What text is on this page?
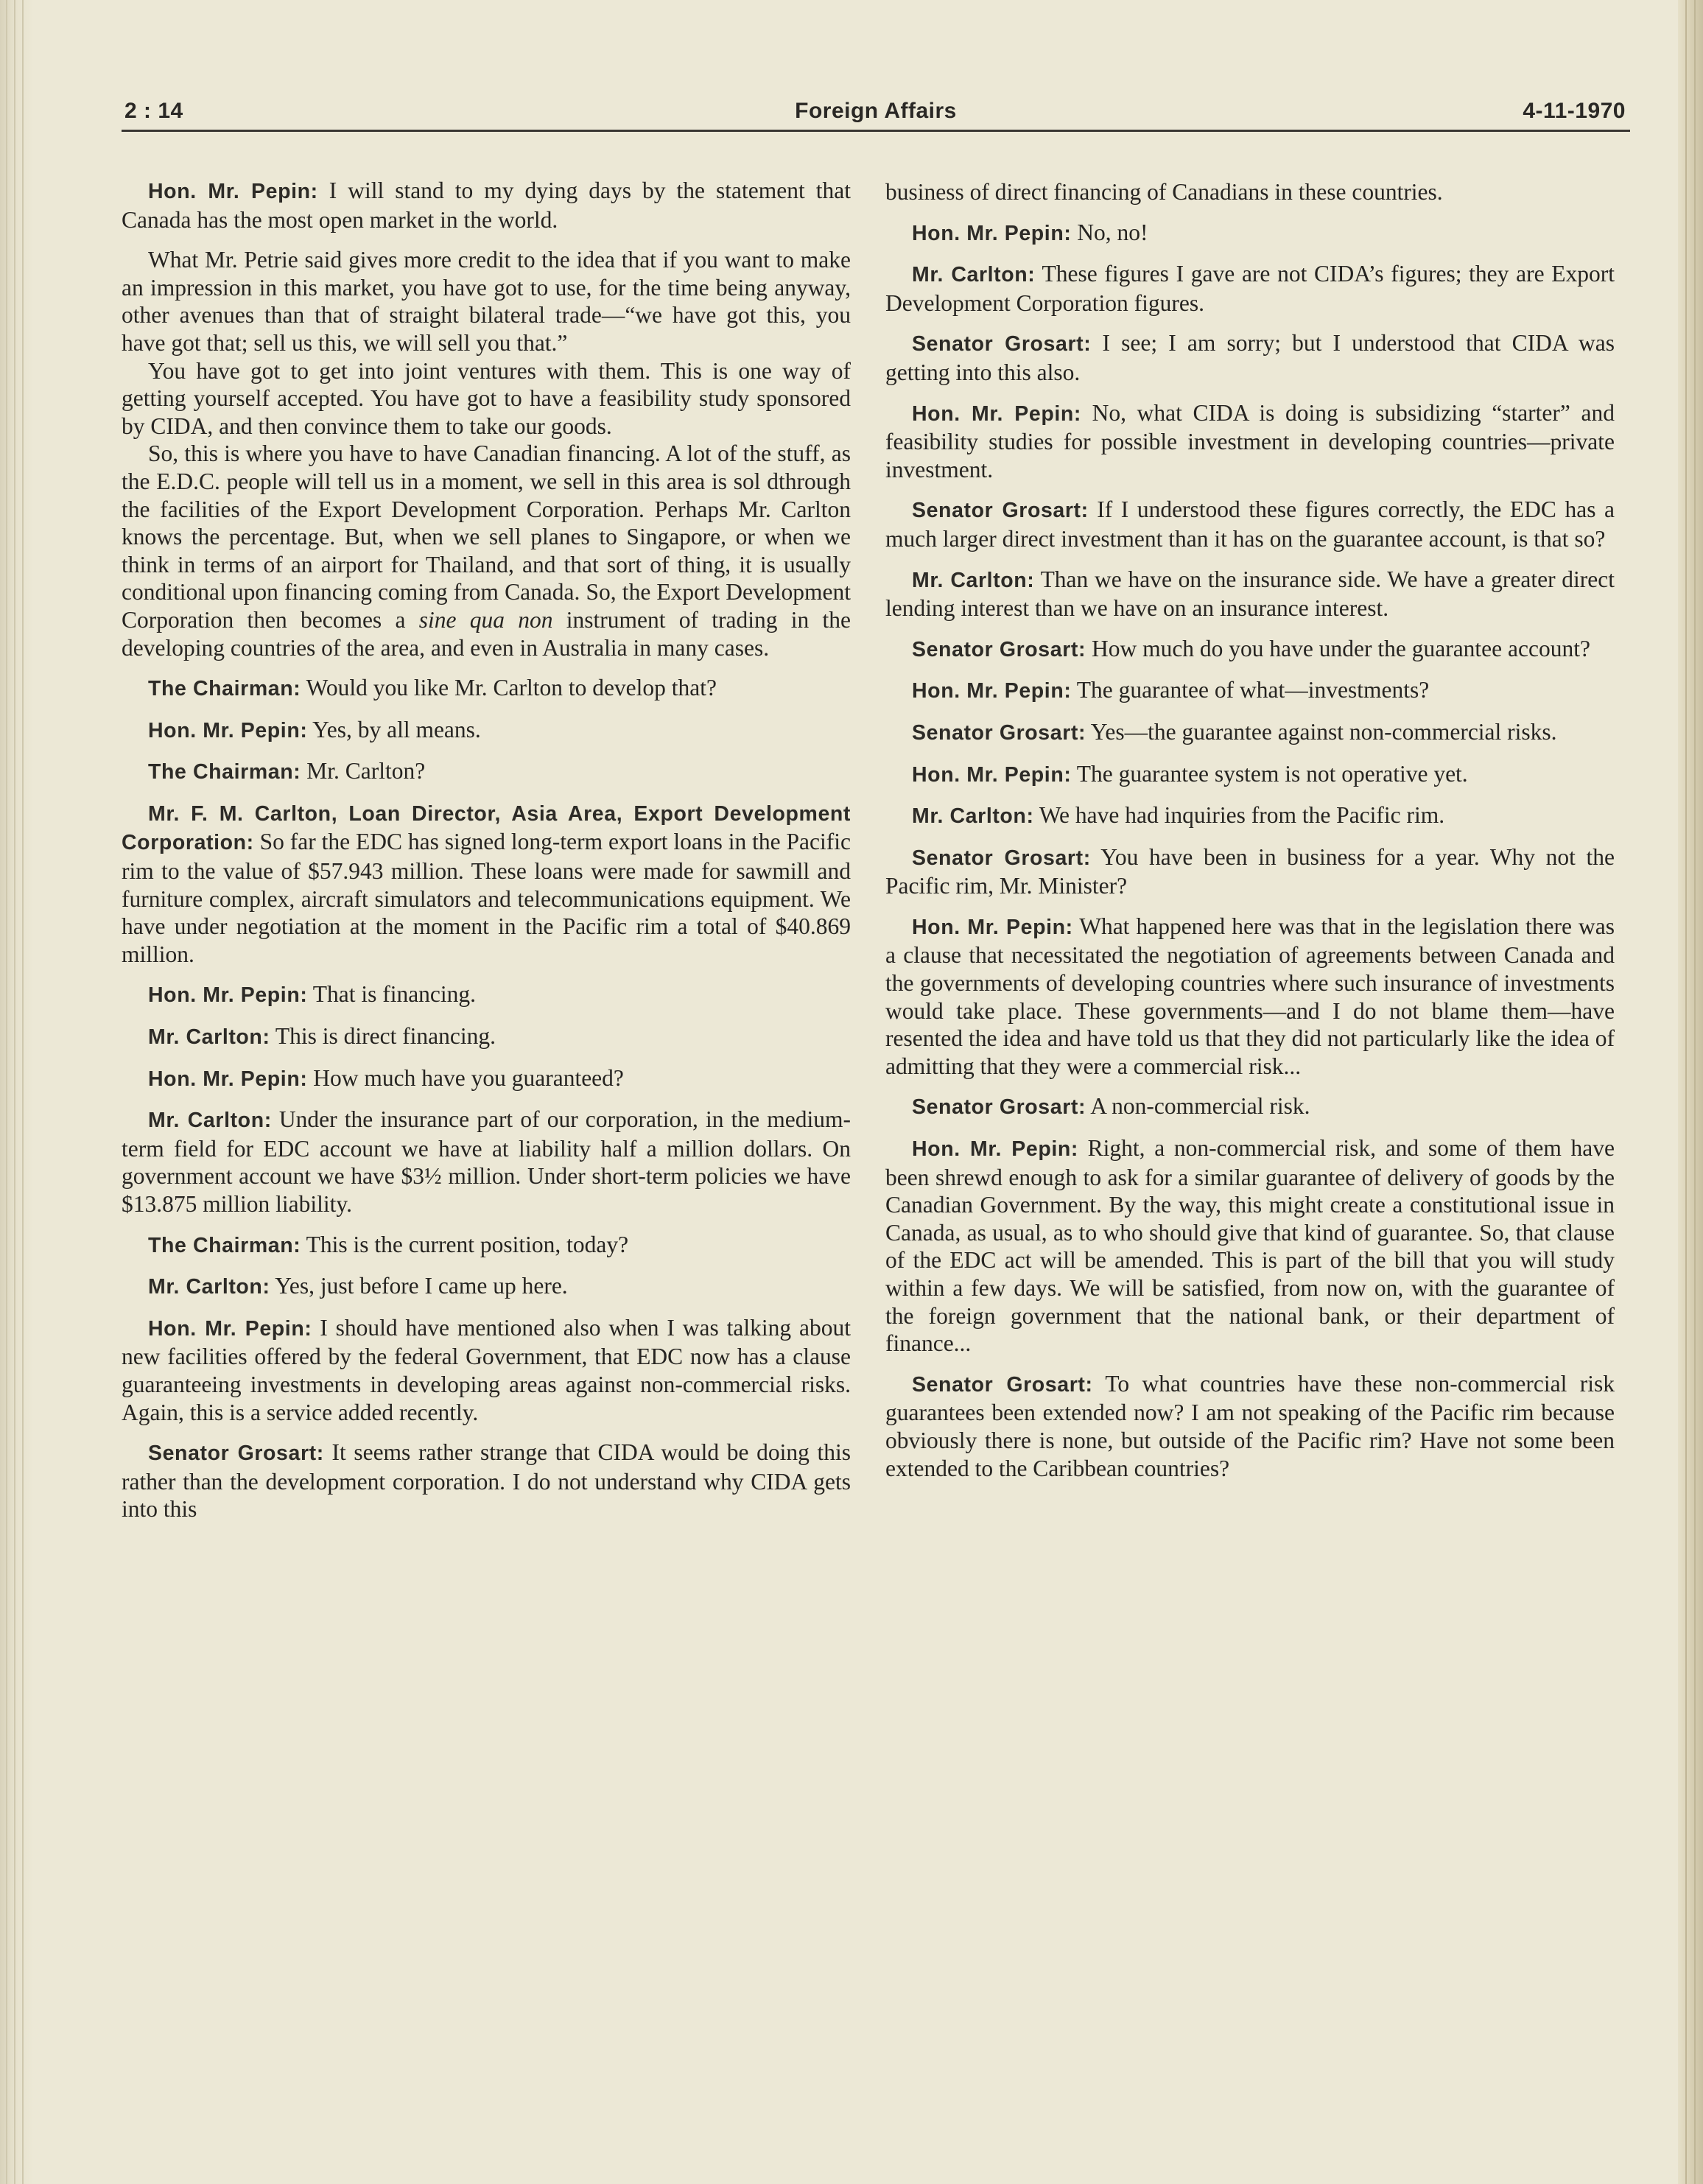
2 : 14	Foreign Affairs	4-11-1970

Hon. Mr. Pepin: I will stand to my dying days by the statement that Canada has the most open market in the world.

What Mr. Petrie said gives more credit to the idea that if you want to make an impression in this market, you have got to use, for the time being anyway, other avenues than that of straight bilateral trade—“we have got this, you have got that; sell us this, we will sell you that.”

You have got to get into joint ventures with them. This is one way of getting yourself accepted. You have got to have a feasibility study sponsored by CIDA, and then convince them to take our goods.

So, this is where you have to have Canadian financing. A lot of the stuff, as the E.D.C. people will tell us in a moment, we sell in this area is sol dthrough the facilities of the Export Development Corporation. Perhaps Mr. Carlton knows the percentage. But, when we sell planes to Singapore, or when we think in terms of an airport for Thailand, and that sort of thing, it is usually conditional upon financing coming from Canada. So, the Export Development Corporation then becomes a sine qua non instrument of trading in the developing countries of the area, and even in Australia in many cases.

The Chairman: Would you like Mr. Carlton to develop that?

Hon. Mr. Pepin: Yes, by all means.

The Chairman: Mr. Carlton?

Mr. F. M. Carlton, Loan Director, Asia Area, Export Development Corporation: So far the EDC has signed long-term export loans in the Pacific rim to the value of $57.943 million. These loans were made for sawmill and furniture complex, aircraft simulators and telecommunications equipment. We have under negotiation at the moment in the Pacific rim a total of $40.869 million.

Hon. Mr. Pepin: That is financing.

Mr. Carlton: This is direct financing.

Hon. Mr. Pepin: How much have you guaranteed?

Mr. Carlton: Under the insurance part of our corporation, in the medium-term field for EDC account we have at liability half a million dollars. On government account we have $3½ million. Under short-term policies we have $13.875 million liability.

The Chairman: This is the current position, today?

Mr. Carlton: Yes, just before I came up here.

Hon. Mr. Pepin: I should have mentioned also when I was talking about new facilities offered by the federal Government, that EDC now has a clause guaranteeing investments in developing areas against non-commercial risks. Again, this is a service added recently.

Senator Grosart: It seems rather strange that CIDA would be doing this rather than the development corporation. I do not understand why CIDA gets into this

business of direct financing of Canadians in these countries.

Hon. Mr. Pepin: No, no!

Mr. Carlton: These figures I gave are not CIDA’s figures; they are Export Development Corporation figures.

Senator Grosart: I see; I am sorry; but I understood that CIDA was getting into this also.

Hon. Mr. Pepin: No, what CIDA is doing is subsidizing “starter” and feasibility studies for possible investment in developing countries—private investment.

Senator Grosart: If I understood these figures correctly, the EDC has a much larger direct investment than it has on the guarantee account, is that so?

Mr. Carlton: Than we have on the insurance side. We have a greater direct lending interest than we have on an insurance interest.

Senator Grosart: How much do you have under the guarantee account?

Hon. Mr. Pepin: The guarantee of what—investments?

Senator Grosart: Yes—the guarantee against non-commercial risks.

Hon. Mr. Pepin: The guarantee system is not operative yet.

Mr. Carlton: We have had inquiries from the Pacific rim.

Senator Grosart: You have been in business for a year. Why not the Pacific rim, Mr. Minister?

Hon. Mr. Pepin: What happened here was that in the legislation there was a clause that necessitated the negotiation of agreements between Canada and the governments of developing countries where such insurance of investments would take place. These governments—and I do not blame them—have resented the idea and have told us that they did not particularly like the idea of admitting that they were a commercial risk...

Senator Grosart: A non-commercial risk.

Hon. Mr. Pepin: Right, a non-commercial risk, and some of them have been shrewd enough to ask for a similar guarantee of delivery of goods by the Canadian Government. By the way, this might create a constitutional issue in Canada, as usual, as to who should give that kind of guarantee. So, that clause of the EDC act will be amended. This is part of the bill that you will study within a few days. We will be satisfied, from now on, with the guarantee of the foreign government that the national bank, or their department of finance...

Senator Grosart: To what countries have these non-commercial risk guarantees been extended now? I am not speaking of the Pacific rim because obviously there is none, but outside of the Pacific rim? Have not some been extended to the Caribbean countries?
